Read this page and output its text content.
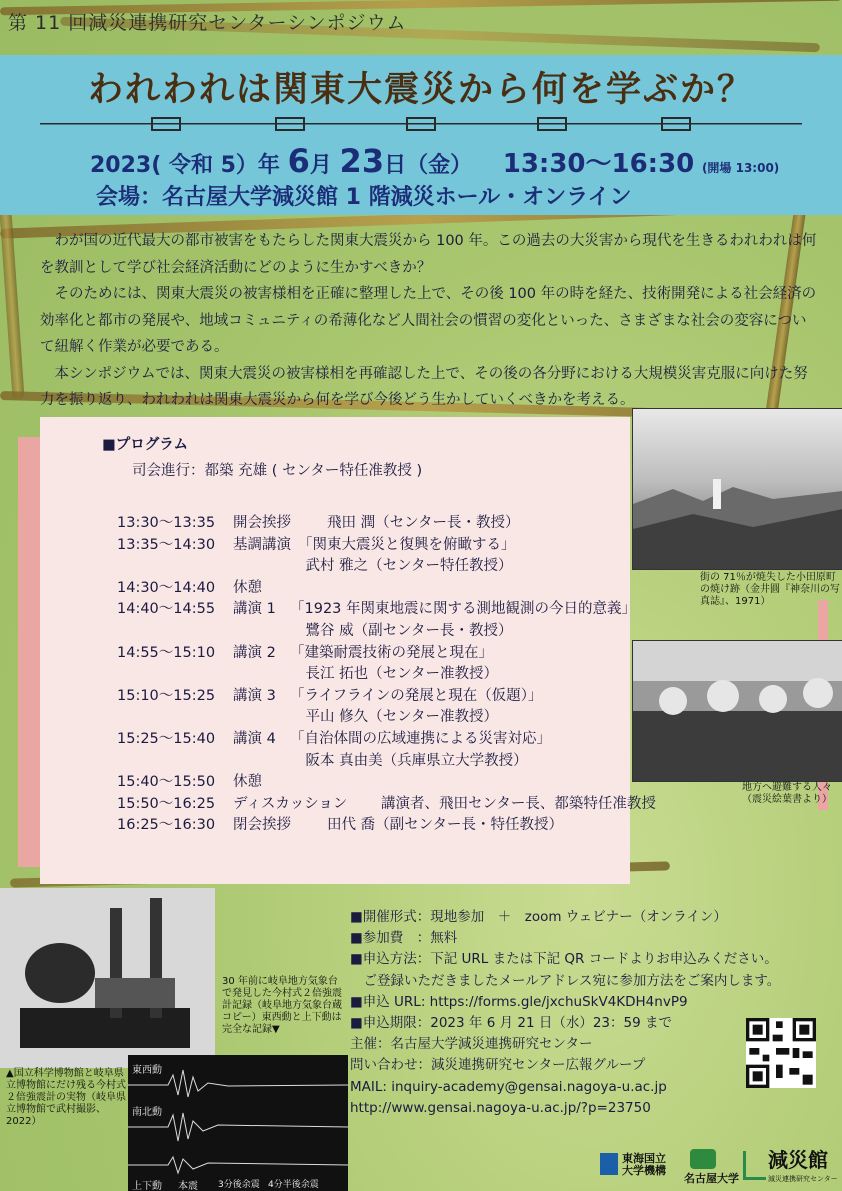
第 11 回減災連携研究センターシンポジウム
われわれは関東大震災から何を学ぶか？
2023( 令和 5）年 6月 23日（金） 13:30〜16:30 (開場 13:00)
会場：名古屋大学減災館 1 階減災ホール・オンライン

わが国の近代最大の都市被害をもたらした関東大震災から 100 年。この過去の大災害から現代を生きるわれわれは何を教訓として学び社会経済活動にどのように生かすべきか？

そのためには、関東大震災の被害様相を正確に整理した上で、その後 100 年の時を経た、技術開発による社会経済の効率化と都市の発展や、地域コミュニティの希薄化など人間社会の慣習の変化といった、さまざまな社会の変容について紐解く作業が必要である。

本シンポジウムでは、関東大震災の被害様相を再確認した上で、その後の各分野における大規模災害克服に向けた努力を振り返り、われわれは関東大震災から何を学び今後どう生かしていくべきかを考える。

■プログラム
司会進行：都築 充雄 ( センター特任准教授 )
13:30〜13:35 開会挨拶 　　飛田 潤（センター長・教授）
13:35〜14:30 基調講演 「関東大震災と復興を俯瞰する」
　　　　　武村 雅之（センター特任教授）
14:30〜14:40 休憩
14:40〜14:55 講演 1 「1923 年関東地震に関する測地観測の今日的意義」
　　　　　鷺谷 威（副センター長・教授）
14:55〜15:10 講演 2 「建築耐震技術の発展と現在」
　　　　　長江 拓也（センター准教授）
15:10〜15:25 講演 3 「ライフラインの発展と現在（仮題）」
　　　　　平山 修久（センター准教授）
15:25〜15:40 講演 4 「自治体間の広域連携による災害対応」
　　　　　阪本 真由美（兵庫県立大学教授）
15:40〜15:50 休憩
15:50〜16:25 ディスカッション 　　講演者、飛田センター長、都築特任准教授
16:25〜16:30 閉会挨拶 　　田代 喬（副センター長・特任教授）
街の 71％が焼失した小田原町の焼け跡（金井圓『神奈川の写真誌』、1971）
地方へ避難する人々（震災絵葉書より）
▲国立科学博物館と岐阜県立博物館にだけ残る今村式２倍強震計の実物（岐阜県立博物館で武村撮影、2022）
30 年前に岐阜地方気象台で発見した今村式２倍強震計記録（岐阜地方気象台蔵コピー）東西動と上下動は完全な記録▼
東西動
南北動
上下動 本震 3分後余震 4分半後余震
■開催形式：現地参加　＋　zoom ウェビナー（オンライン）
■参加費　：無料
■申込方法：下記 URL または下記 QR コードよりお申込みください。
　ご登録いただきましたメールアドレス宛に参加方法をご案内します。
■申込 URL: https://forms.gle/jxchuSkV4KDH4nvP9
■申込期限：2023 年 6 月 21 日（水）23：59 まで
主催：名古屋大学減災連携研究センター
問い合わせ：減災連携研究センター広報グループ
MAIL: inquiry-academy@gensai.nagoya-u.ac.jp
http://www.gensai.nagoya-u.ac.jp/?p=23750
東海国立大学機構
名古屋大学
減災館
減災連携研究センター
